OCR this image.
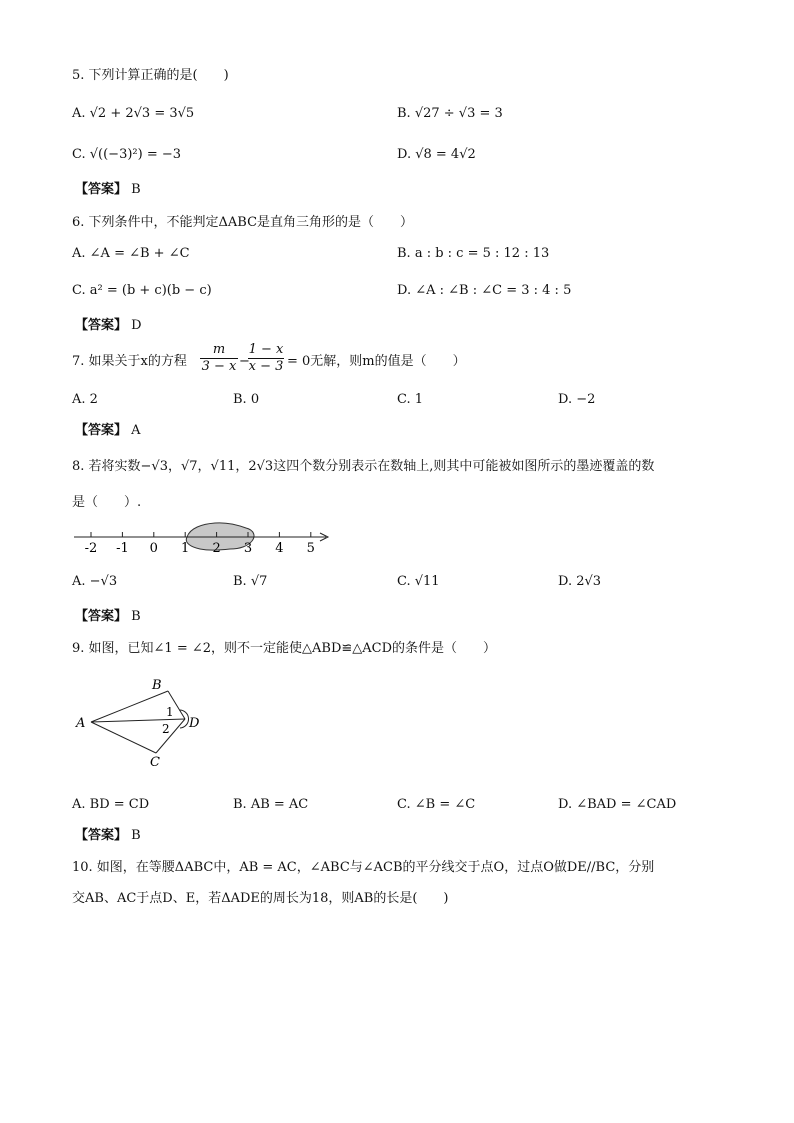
5. 下列计算正确的是(　　)
A. √2 + 2√3 = 3√5	B. √27 ÷ √3 = 3
C. √((−3)²) = −3	D. √8 = 4√2
【答案】 B
6. 下列条件中，不能判定ΔABC是直角三角形的是（　　）
A. ∠A = ∠B + ∠C	B. a : b : c = 5 : 12 : 13
C. a² = (b + c)(b − c)	D. ∠A : ∠B : ∠C = 3 : 4 : 5
【答案】 D
7. 如果关于x的方程 $\frac{m}{3 - x}$ −
$\frac{1 - x}{x - 3} = 0$无解，则m的值是（　　）
A. 2	B. 0	C. 1	D. −2
【答案】 A
8. 若将实数−√3，√7，√11，2√3这四个数分别表示在数轴上,则其中可能被如图所示的墨迹覆盖的数
是（　　）.
-2 -1 0 1 2 3 4 5
A. −√3	B. √7	C. √11	D. 2√3
【答案】 B
9. 如图，已知∠1 = ∠2，则不一定能使△ABD≌△ACD的条件是（　　）
B
A	D
C
1
2
A. BD = CD	B. AB = AC	C. ∠B = ∠C	D. ∠BAD = ∠CAD
【答案】 B
10. 如图，在等腰ΔABC中，AB = AC，∠ABC与∠ACB的平分线交于点O，过点O做DE//BC，分别
交AB、AC于点D、E，若ΔADE的周长为18，则AB的长是(　　)
